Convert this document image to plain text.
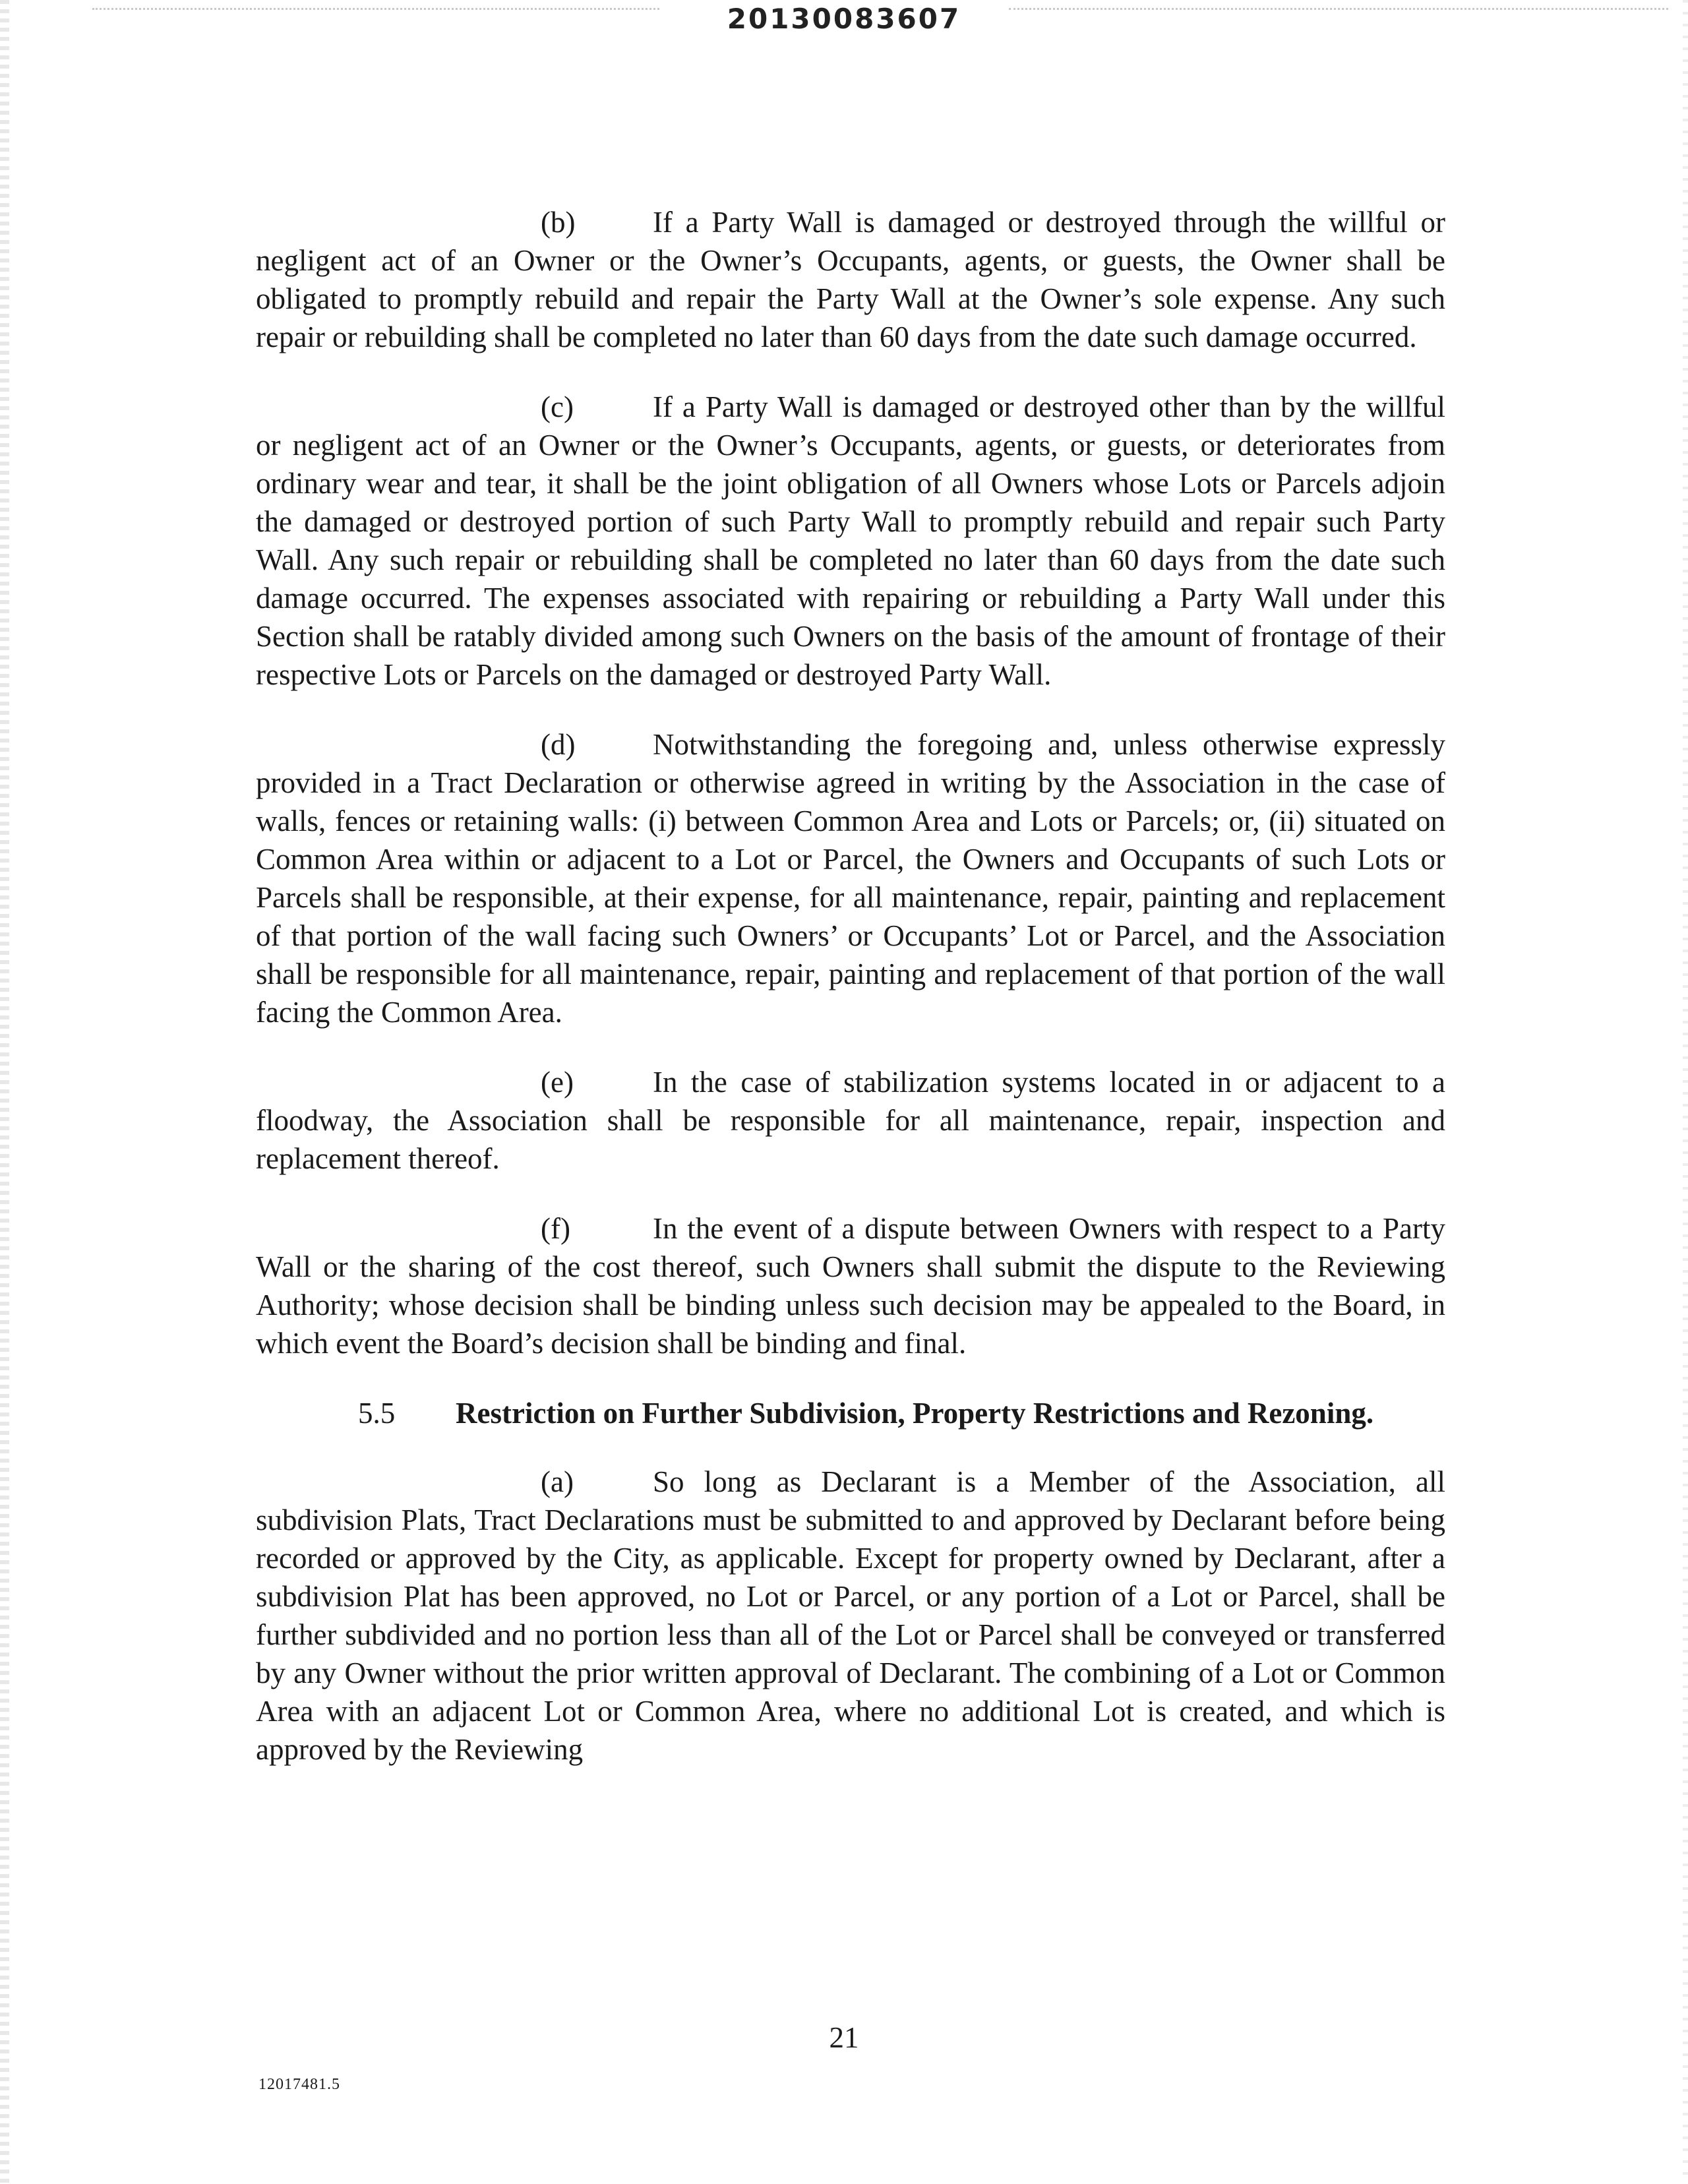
20130083607

(b)	If a Party Wall is damaged or destroyed through the willful or negligent act of an Owner or the Owner’s Occupants, agents, or guests, the Owner shall be obligated to promptly rebuild and repair the Party Wall at the Owner’s sole expense. Any such repair or rebuilding shall be completed no later than 60 days from the date such damage occurred.

(c)	If a Party Wall is damaged or destroyed other than by the willful or negligent act of an Owner or the Owner’s Occupants, agents, or guests, or deteriorates from ordinary wear and tear, it shall be the joint obligation of all Owners whose Lots or Parcels adjoin the damaged or destroyed portion of such Party Wall to promptly rebuild and repair such Party Wall. Any such repair or rebuilding shall be completed no later than 60 days from the date such damage occurred. The expenses associated with repairing or rebuilding a Party Wall under this Section shall be ratably divided among such Owners on the basis of the amount of frontage of their respective Lots or Parcels on the damaged or destroyed Party Wall.

(d)	Notwithstanding the foregoing and, unless otherwise expressly provided in a Tract Declaration or otherwise agreed in writing by the Association in the case of walls, fences or retaining walls: (i) between Common Area and Lots or Parcels; or, (ii) situated on Common Area within or adjacent to a Lot or Parcel, the Owners and Occupants of such Lots or Parcels shall be responsible, at their expense, for all maintenance, repair, painting and replacement of that portion of the wall facing such Owners’ or Occupants’ Lot or Parcel, and the Association shall be responsible for all maintenance, repair, painting and replacement of that portion of the wall facing the Common Area.

(e)	In the case of stabilization systems located in or adjacent to a floodway, the Association shall be responsible for all maintenance, repair, inspection and replacement thereof.

(f)	In the event of a dispute between Owners with respect to a Party Wall or the sharing of the cost thereof, such Owners shall submit the dispute to the Reviewing Authority; whose decision shall be binding unless such decision may be appealed to the Board, in which event the Board’s decision shall be binding and final.

5.5 Restriction on Further Subdivision, Property Restrictions and Rezoning.

(a)	So long as Declarant is a Member of the Association, all subdivision Plats, Tract Declarations must be submitted to and approved by Declarant before being recorded or approved by the City, as applicable. Except for property owned by Declarant, after a subdivision Plat has been approved, no Lot or Parcel, or any portion of a Lot or Parcel, shall be further subdivided and no portion less than all of the Lot or Parcel shall be conveyed or transferred by any Owner without the prior written approval of Declarant. The combining of a Lot or Common Area with an adjacent Lot or Common Area, where no additional Lot is created, and which is approved by the Reviewing

21
12017481.5
